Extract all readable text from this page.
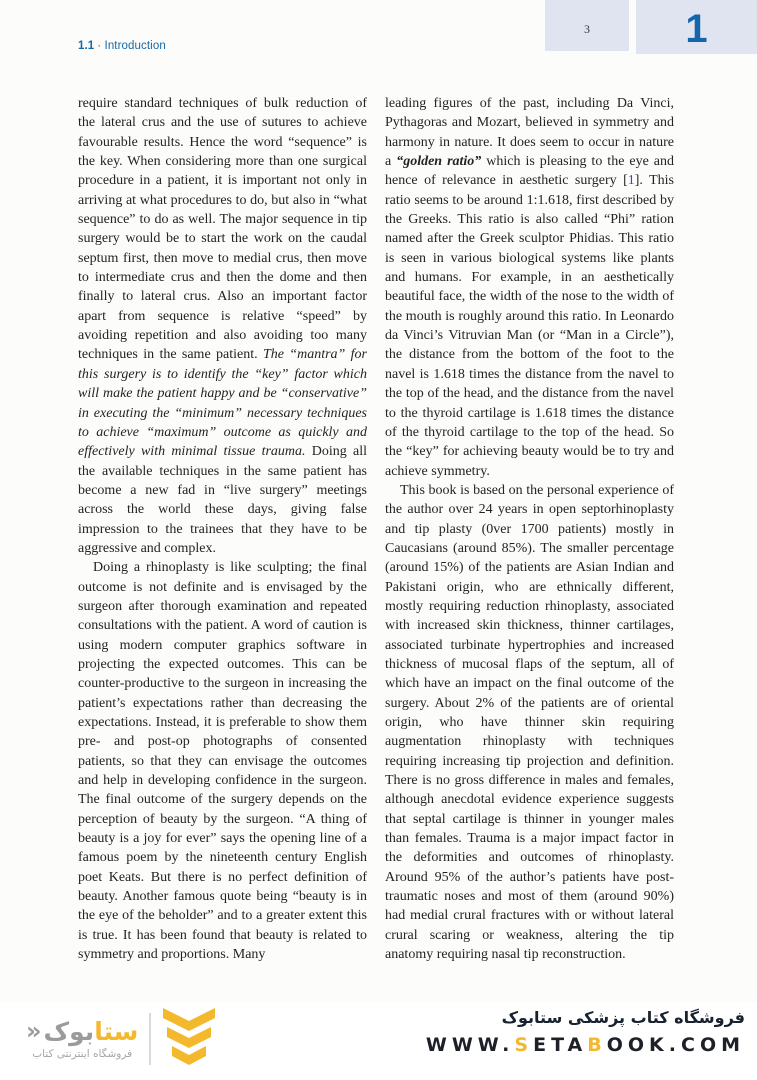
1.1 · Introduction
3 1

require standard techniques of bulk reduction of the lateral crus and the use of sutures to achieve favourable results. Hence the word “sequence” is the key. When considering more than one surgical procedure in a patient, it is important not only in arriving at what procedures to do, but also in “what sequence” to do as well. The major sequence in tip surgery would be to start the work on the caudal septum first, then move to medial crus, then move to intermediate crus and then the dome and then finally to lateral crus. Also an important factor apart from sequence is relative “speed” by avoiding repetition and also avoiding too many techniques in the same patient. The “mantra” for this surgery is to identify the “key” factor which will make the patient happy and be “conservative” in executing the “minimum” necessary techniques to achieve “maximum” outcome as quickly and effectively with minimal tissue trauma. Doing all the available techniques in the same patient has become a new fad in “live surgery” meetings across the world these days, giving false impression to the trainees that they have to be aggressive and complex.

Doing a rhinoplasty is like sculpting; the final outcome is not definite and is envisaged by the surgeon after thorough examination and repeated consultations with the patient. A word of caution is using modern computer graphics software in projecting the expected outcomes. This can be counter-productive to the surgeon in increasing the patient’s expectations rather than decreasing the expectations. Instead, it is preferable to show them pre- and post-op photographs of consented patients, so that they can envisage the outcomes and help in developing confidence in the surgeon. The final outcome of the surgery depends on the perception of beauty by the surgeon. “A thing of beauty is a joy for ever” says the opening line of a famous poem by the nineteenth century English poet Keats. But there is no perfect definition of beauty. Another famous quote being “beauty is in the eye of the beholder” and to a greater extent this is true. It has been found that beauty is related to symmetry and proportions. Many

leading figures of the past, including Da Vinci, Pythagoras and Mozart, believed in symmetry and harmony in nature. It does seem to occur in nature a “golden ratio” which is pleasing to the eye and hence of relevance in aesthetic surgery [1]. This ratio seems to be around 1:1.618, first described by the Greeks. This ratio is also called “Phi” ration named after the Greek sculptor Phidias. This ratio is seen in various biological systems like plants and humans. For example, in an aesthetically beautiful face, the width of the nose to the width of the mouth is roughly around this ratio. In Leonardo da Vinci’s Vitruvian Man (or “Man in a Circle”), the distance from the bottom of the foot to the navel is 1.618 times the distance from the navel to the top of the head, and the distance from the navel to the thyroid cartilage is 1.618 times the distance of the thyroid cartilage to the top of the head. So the “key” for achieving beauty would be to try and achieve symmetry.

This book is based on the personal experience of the author over 24 years in open septorhinoplasty and tip plasty (0ver 1700 patients) mostly in Caucasians (around 85%). The smaller percentage (around 15%) of the patients are Asian Indian and Pakistani origin, who are ethnically different, mostly requiring reduction rhinoplasty, associated with increased skin thickness, thinner cartilages, associated turbinate hypertrophies and increased thickness of mucosal flaps of the septum, all of which have an impact on the final outcome of the surgery. About 2% of the patients are of oriental origin, who have thinner skin requiring augmentation rhinoplasty with techniques requiring increasing tip projection and definition. There is no gross difference in males and females, although anecdotal evidence experience suggests that septal cartilage is thinner in younger males than females. Trauma is a major impact factor in the deformities and outcomes of rhinoplasty. Around 95% of the author’s patients have post-traumatic noses and most of them (around 90%) had medial crural fractures with or without lateral crural scaring or weakness, altering the tip anatomy requiring nasal tip reconstruction.

ستا
بوک
«
فروشگاه اینترنتی کتاب
فروشگاه کتاب پزشکی ستابوک
WWW.SETABOOK.COM
